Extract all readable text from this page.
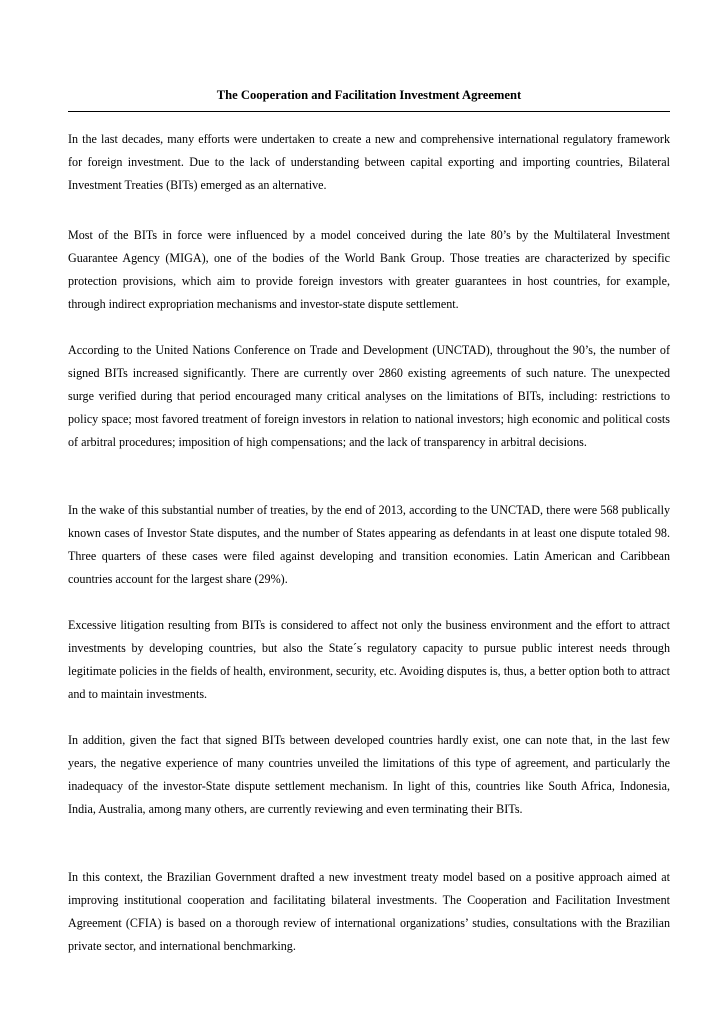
The Cooperation and Facilitation Investment Agreement

In the last decades, many efforts were undertaken to create a new and comprehensive international regulatory framework for foreign investment. Due to the lack of understanding between capital exporting and importing countries, Bilateral Investment Treaties (BITs) emerged as an alternative.

Most of the BITs in force were influenced by a model conceived during the late 80’s by the Multilateral Investment Guarantee Agency (MIGA), one of the bodies of the World Bank Group. Those treaties are characterized by specific protection provisions, which aim to provide foreign investors with greater guarantees in host countries, for example, through indirect expropriation mechanisms and investor-state dispute settlement.

According to the United Nations Conference on Trade and Development (UNCTAD), throughout the 90’s, the number of signed BITs increased significantly. There are currently over 2860 existing agreements of such nature. The unexpected surge verified during that period encouraged many critical analyses on the limitations of BITs, including: restrictions to policy space; most favored treatment of foreign investors in relation to national investors; high economic and political costs of arbitral procedures; imposition of high compensations; and the lack of transparency in arbitral decisions.

In the wake of this substantial number of treaties, by the end of 2013, according to the UNCTAD, there were 568 publically known cases of Investor State disputes, and the number of States appearing as defendants in at least one dispute totaled 98. Three quarters of these cases were filed against developing and transition economies. Latin American and Caribbean countries account for the largest share (29%).

Excessive litigation resulting from BITs is considered to affect not only the business environment and the effort to attract investments by developing countries, but also the State´s regulatory capacity to pursue public interest needs through legitimate policies in the fields of health, environment, security, etc. Avoiding disputes is, thus, a better option both to attract and to maintain investments.

In addition, given the fact that signed BITs between developed countries hardly exist, one can note that, in the last few years, the negative experience of many countries unveiled the limitations of this type of agreement, and particularly the inadequacy of the investor-State dispute settlement mechanism. In light of this, countries like South Africa, Indonesia, India, Australia, among many others, are currently reviewing and even terminating their BITs.

In this context, the Brazilian Government drafted a new investment treaty model based on a positive approach aimed at improving institutional cooperation and facilitating bilateral investments. The Cooperation and Facilitation Investment Agreement (CFIA) is based on a thorough review of international organizations’ studies, consultations with the Brazilian private sector, and international benchmarking.
